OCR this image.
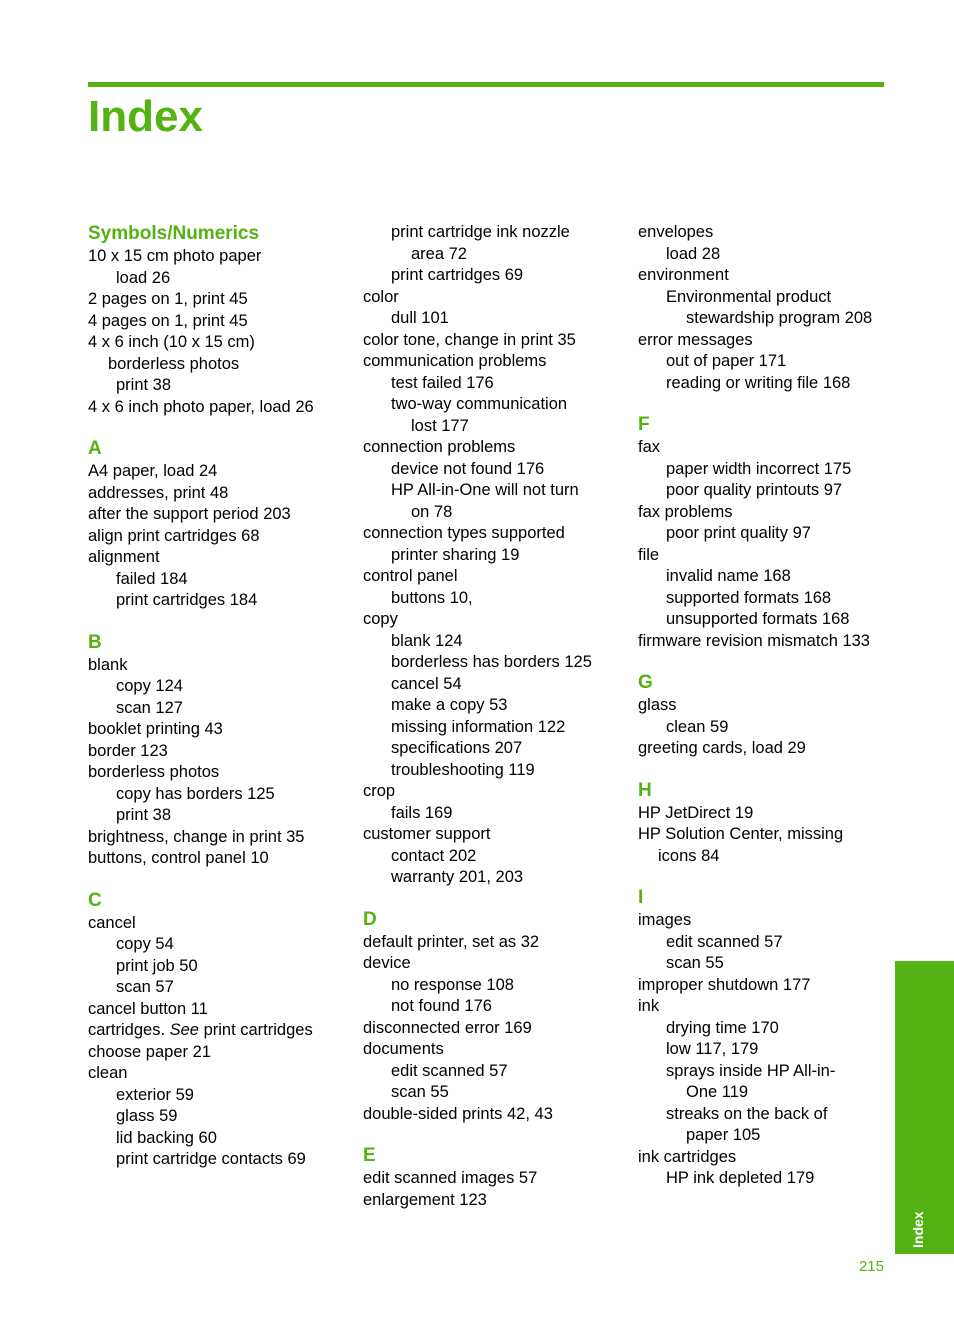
Index
Symbols/Numerics
10 x 15 cm photo paper
load 26
2 pages on 1, print 45
4 pages on 1, print 45
4 x 6 inch (10 x 15 cm)
borderless photos
print 38
4 x 6 inch photo paper, load 26
A
A4 paper, load 24
addresses, print 48
after the support period 203
align print cartridges 68
alignment
failed 184
print cartridges 184
B
blank
copy 124
scan 127
booklet printing 43
border 123
borderless photos
copy has borders 125
print 38
brightness, change in print 35
buttons, control panel 10
C
cancel
copy 54
print job 50
scan 57
cancel button 11
cartridges. See print cartridges
choose paper 21
clean
exterior 59
glass 59
lid backing 60
print cartridge contacts 69
print cartridge ink nozzle
area 72
print cartridges 69
color
dull 101
color tone, change in print 35
communication problems
test failed 176
two-way communication
lost 177
connection problems
device not found 176
HP All-in-One will not turn
on 78
connection types supported
printer sharing 19
control panel
buttons 10,
copy
blank 124
borderless has borders 125
cancel 54
make a copy 53
missing information 122
specifications 207
troubleshooting 119
crop
fails 169
customer support
contact 202
warranty 201, 203
D
default printer, set as 32
device
no response 108
not found 176
disconnected error 169
documents
edit scanned 57
scan 55
double-sided prints 42, 43
E
edit scanned images 57
enlargement 123
envelopes
load 28
environment
Environmental product
stewardship program 208
error messages
out of paper 171
reading or writing file 168
F
fax
paper width incorrect 175
poor quality printouts 97
fax problems
poor print quality 97
file
invalid name 168
supported formats 168
unsupported formats 168
firmware revision mismatch 133
G
glass
clean 59
greeting cards, load 29
H
HP JetDirect 19
HP Solution Center, missing
icons 84
I
images
edit scanned 57
scan 55
improper shutdown 177
ink
drying time 170
low 117, 179
sprays inside HP All-in-
One 119
streaks on the back of
paper 105
ink cartridges
HP ink depleted 179
Index
215
